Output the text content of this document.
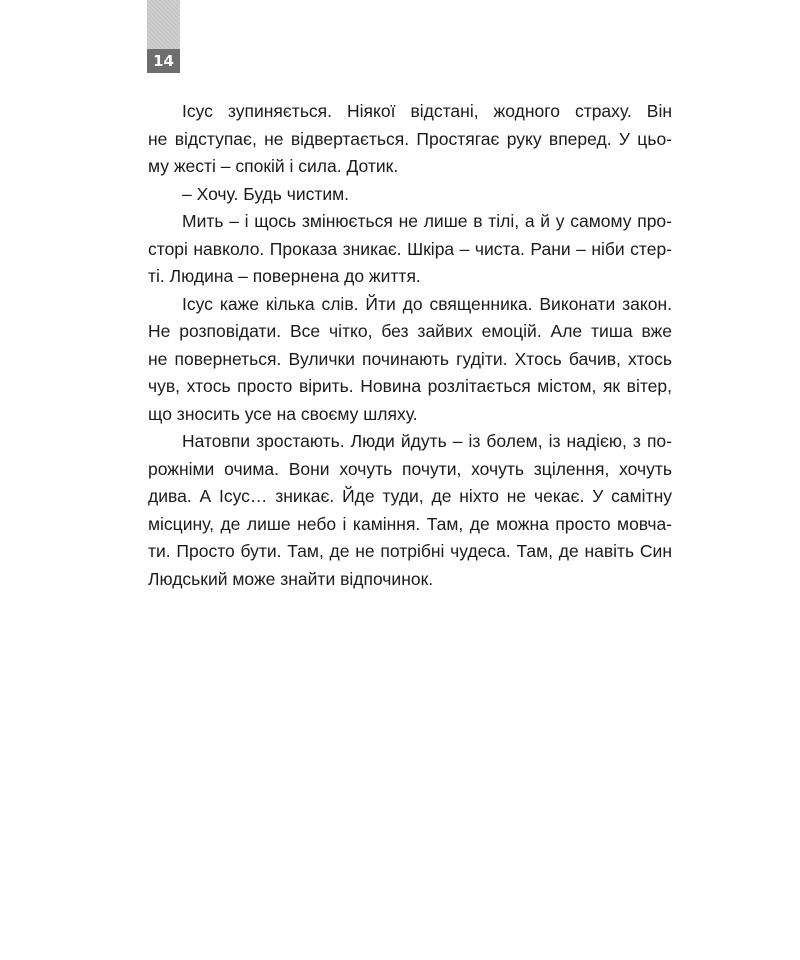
14

Ісус зупиняється. Ніякої відстані, жодного страху. Він
не відступає, не відвертається. Простягає руку вперед. У цьо-
му жесті – спокій і сила. Дотик.

– Хочу. Будь чистим.

Мить – і щось змінюється не лише в тілі, а й у самому про-
сторі навколо. Проказа зникає. Шкіра – чиста. Рани – ніби стер-
ті. Людина – повернена до життя.

Ісус каже кілька слів. Йти до священника. Виконати закон.
Не розповідати. Все чітко, без зайвих емоцій. Але тиша вже
не повернеться. Вулички починають гудіти. Хтось бачив, хтось
чув, хтось просто вірить. Новина розлітається містом, як вітер,
що зносить усе на своєму шляху.

Натовпи зростають. Люди йдуть – із болем, із надією, з по-
рожніми очима. Вони хочуть почути, хочуть зцілення, хочуть
дива. А Ісус… зникає. Йде туди, де ніхто не чекає. У самітну
місцину, де лише небо і каміння. Там, де можна просто мовча-
ти. Просто бути. Там, де не потрібні чудеса. Там, де навіть Син
Людський може знайти відпочинок.
